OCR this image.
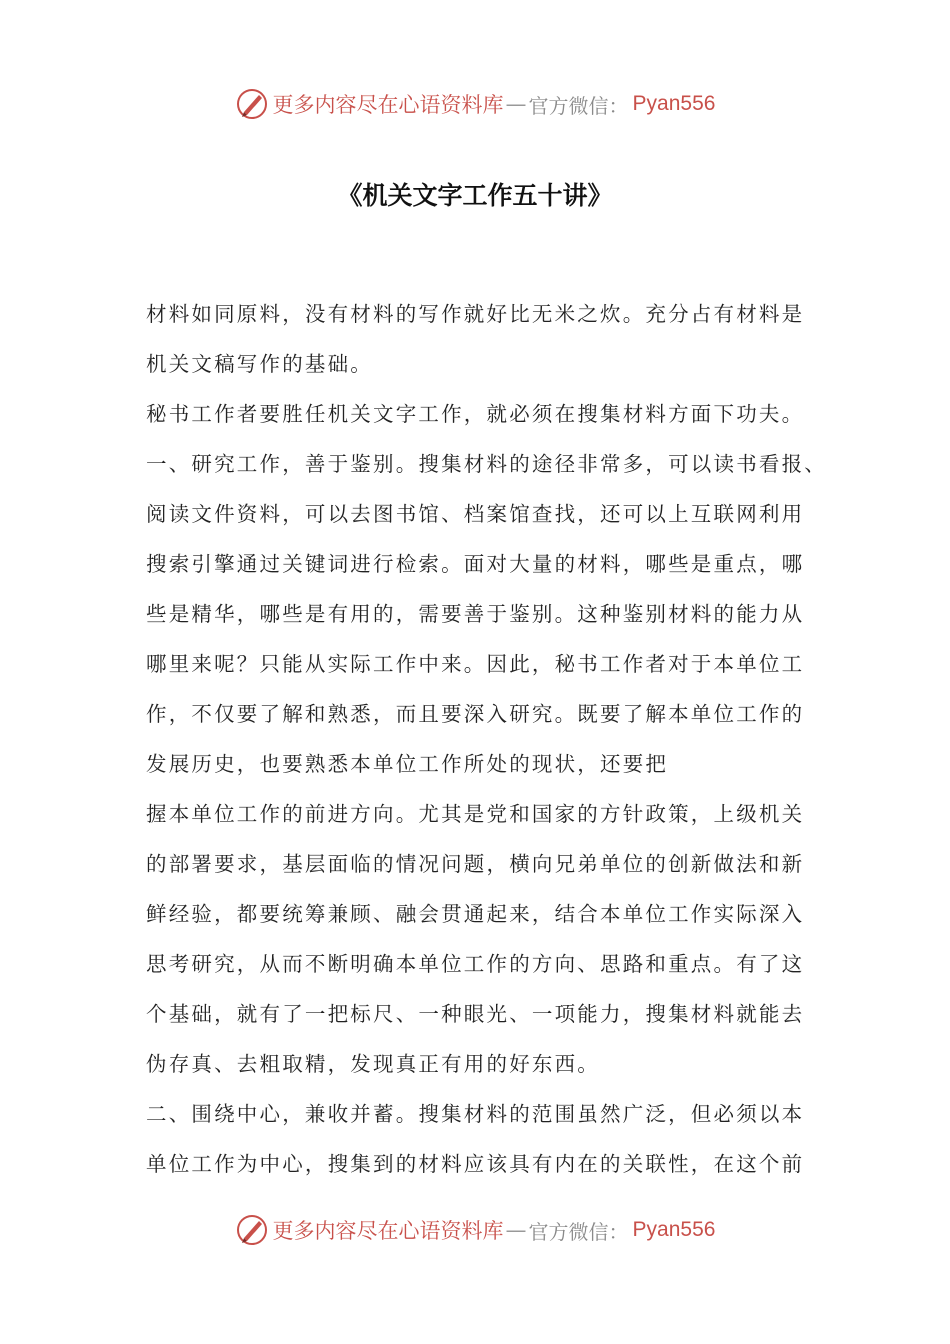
更多内容尽在心语资料库 — 官方微信： Pyan556
《机关文字工作五十讲》
材料如同原料，没有材料的写作就好比无米之炊。充分占有材料是
机关文稿写作的基础。
秘书工作者要胜任机关文字工作，就必须在搜集材料方面下功夫。
一、研究工作，善于鉴别。搜集材料的途径非常多，可以读书看报、
阅读文件资料，可以去图书馆、档案馆查找，还可以上互联网利用
搜索引擎通过关键词进行检索。面对大量的材料，哪些是重点，哪
些是精华，哪些是有用的，需要善于鉴别。这种鉴别材料的能力从
哪里来呢？只能从实际工作中来。因此，秘书工作者对于本单位工
作，不仅要了解和熟悉，而且要深入研究。既要了解本单位工作的
发展历史，也要熟悉本单位工作所处的现状，还要把
握本单位工作的前进方向。尤其是党和国家的方针政策，上级机关
的部署要求，基层面临的情况问题，横向兄弟单位的创新做法和新
鲜经验，都要统筹兼顾、融会贯通起来，结合本单位工作实际深入
思考研究，从而不断明确本单位工作的方向、思路和重点。有了这
个基础，就有了一把标尺、一种眼光、一项能力，搜集材料就能去
伪存真、去粗取精，发现真正有用的好东西。
二、围绕中心，兼收并蓄。搜集材料的范围虽然广泛，但必须以本
单位工作为中心，搜集到的材料应该具有内在的关联性，在这个前
更多内容尽在心语资料库 — 官方微信： Pyan556
